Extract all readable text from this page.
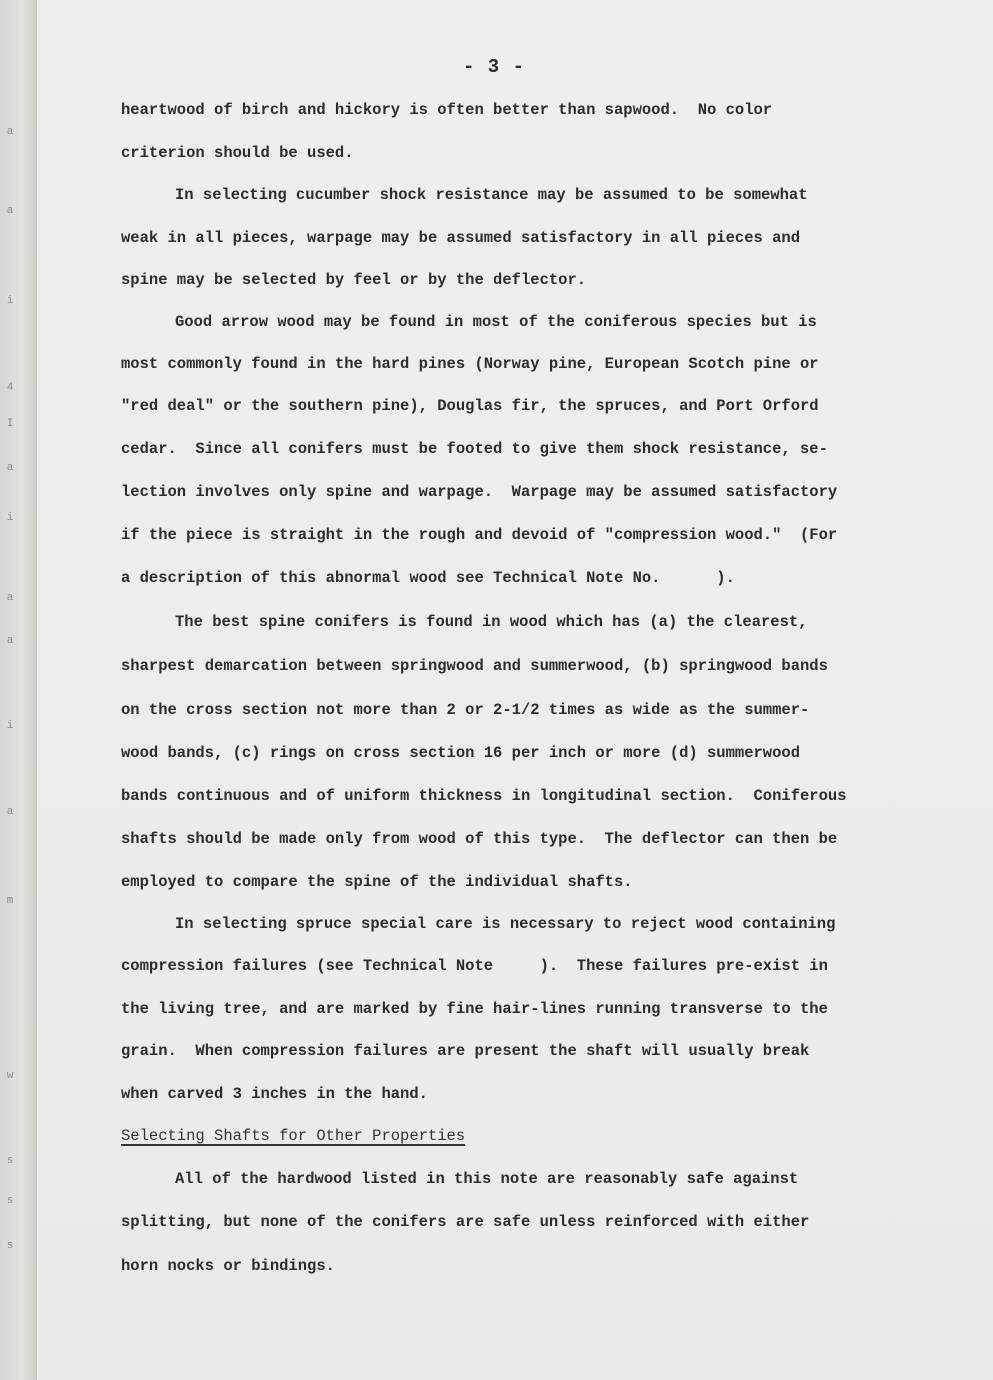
a
a
i
4
I
a
i
a
a
i
a
m
w
s
s
s
- 3 -
heartwood of birch and hickory is often better than sapwood.  No color
criterion should be used.
In selecting cucumber shock resistance may be assumed to be somewhat
weak in all pieces, warpage may be assumed satisfactory in all pieces and
spine may be selected by feel or by the deflector.
Good arrow wood may be found in most of the coniferous species but is
most commonly found in the hard pines (Norway pine, European Scotch pine or
"red deal" or the southern pine), Douglas fir, the spruces, and Port Orford
cedar.  Since all conifers must be footed to give them shock resistance, se-
lection involves only spine and warpage.  Warpage may be assumed satisfactory
if the piece is straight in the rough and devoid of "compression wood."  (For
a description of this abnormal wood see Technical Note No.      ).
The best spine conifers is found in wood which has (a) the clearest,
sharpest demarcation between springwood and summerwood, (b) springwood bands
on the cross section not more than 2 or 2-1/2 times as wide as the summer-
wood bands, (c) rings on cross section 16 per inch or more (d) summerwood
bands continuous and of uniform thickness in longitudinal section.  Coniferous
shafts should be made only from wood of this type.  The deflector can then be
employed to compare the spine of the individual shafts.
In selecting spruce special care is necessary to reject wood containing
compression failures (see Technical Note     ).  These failures pre-exist in
the living tree, and are marked by fine hair-lines running transverse to the
grain.  When compression failures are present the shaft will usually break
when carved 3 inches in the hand.
Selecting Shafts for Other Properties
All of the hardwood listed in this note are reasonably safe against
splitting, but none of the conifers are safe unless reinforced with either
horn nocks or bindings.
